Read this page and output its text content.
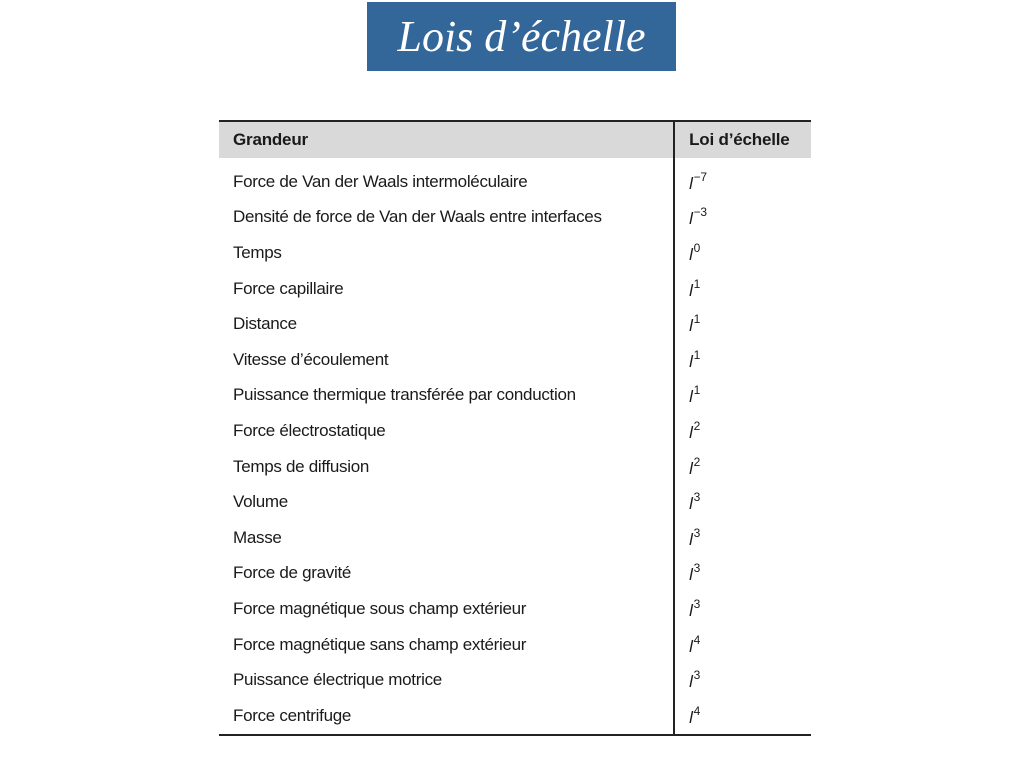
Lois d’échelle
Grandeur	Loi d’échelle
Force de Van der Waals intermoléculaire	$l^{-7}$
Densité de force de Van der Waals entre interfaces	$l^{-3}$
Temps	$l^0$
Force capillaire	$l^1$
Distance	$l^1$
Vitesse d’écoulement	$l^1$
Puissance thermique transférée par conduction	$l^1$
Force électrostatique	$l^2$
Temps de diffusion	$l^2$
Volume	$l^3$
Masse	$l^3$
Force de gravité	$l^3$
Force magnétique sous champ extérieur	$l^3$
Force magnétique sans champ extérieur	$l^4$
Puissance électrique motrice	$l^3$
Force centrifuge	$l^4$
